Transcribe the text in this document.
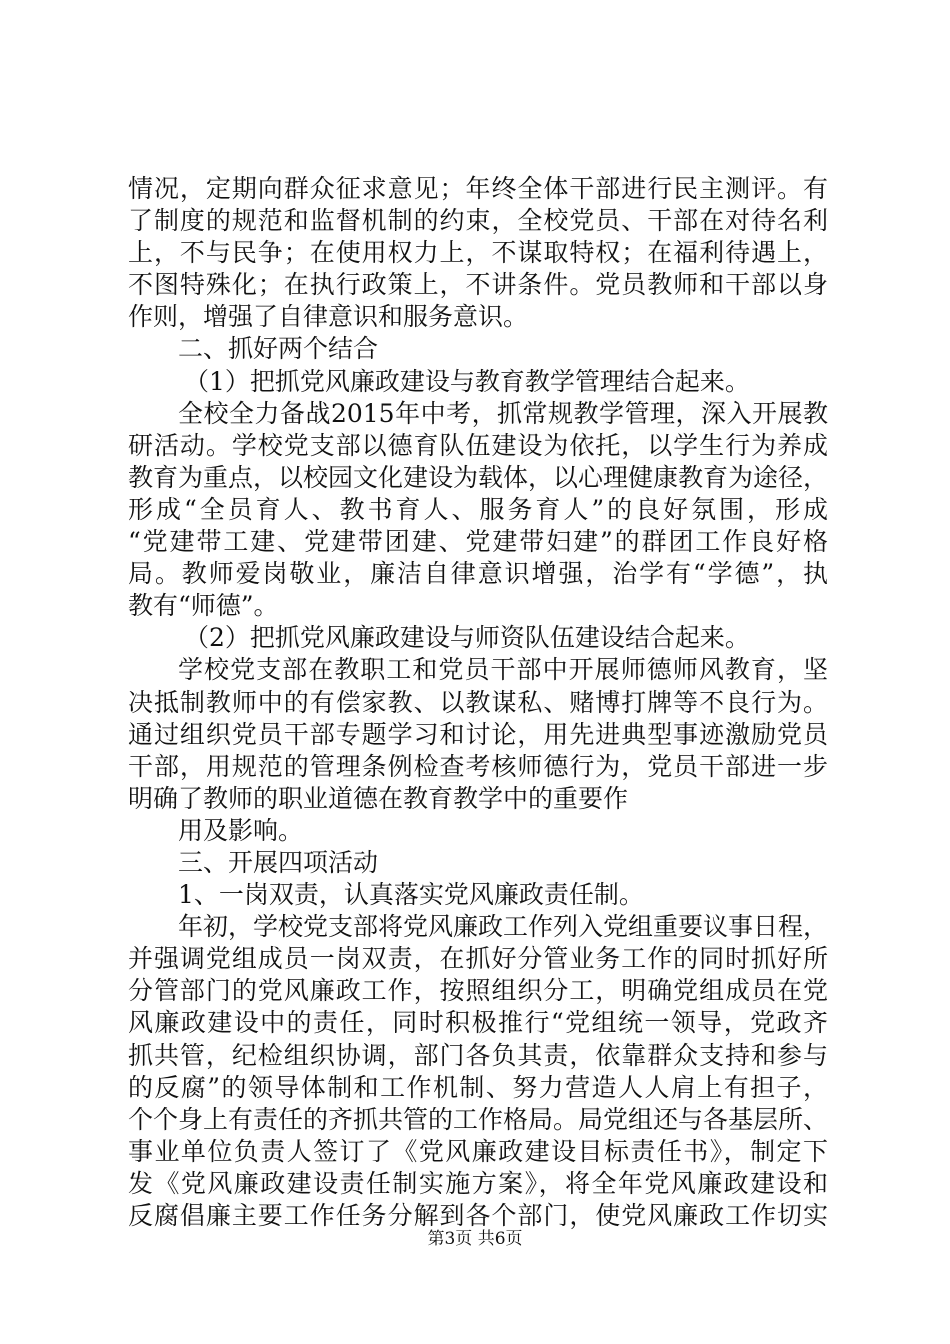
情况，定期向群众征求意见；年终全体干部进行民主测评。有
了制度的规范和监督机制的约束，全校党员、干部在对待名利
上，不与民争；在使用权力上，不谋取特权；在福利待遇上，
不图特殊化；在执行政策上，不讲条件。党员教师和干部以身
作则，增强了自律意识和服务意识。
二、抓好两个结合
（1）把抓党风廉政建设与教育教学管理结合起来。
全校全力备战2015年中考，抓常规教学管理，深入开展教
研活动。学校党支部以德育队伍建设为依托，以学生行为养成
教育为重点，以校园文化建设为载体，以心理健康教育为途径，
形成“全员育人、教书育人、服务育人”的良好氛围，形成
“党建带工建、党建带团建、党建带妇建”的群团工作良好格
局。教师爱岗敬业，廉洁自律意识增强，治学有“学德”，执
教有“师德”。
（2）把抓党风廉政建设与师资队伍建设结合起来。
学校党支部在教职工和党员干部中开展师德师风教育，坚
决抵制教师中的有偿家教、以教谋私、赌博打牌等不良行为。
通过组织党员干部专题学习和讨论，用先进典型事迹激励党员
干部，用规范的管理条例检查考核师德行为，党员干部进一步
明确了教师的职业道德在教育教学中的重要作
用及影响。
三、开展四项活动
1、一岗双责，认真落实党风廉政责任制。
年初，学校党支部将党风廉政工作列入党组重要议事日程，
并强调党组成员一岗双责，在抓好分管业务工作的同时抓好所
分管部门的党风廉政工作，按照组织分工，明确党组成员在党
风廉政建设中的责任，同时积极推行“党组统一领导，党政齐
抓共管，纪检组织协调，部门各负其责，依靠群众支持和参与
的反腐”的领导体制和工作机制、努力营造人人肩上有担子，
个个身上有责任的齐抓共管的工作格局。局党组还与各基层所、
事业单位负责人签订了《党风廉政建设目标责任书》，制定下
发《党风廉政建设责任制实施方案》，将全年党风廉政建设和
反腐倡廉主要工作任务分解到各个部门，使党风廉政工作切实
第3页 共6页
